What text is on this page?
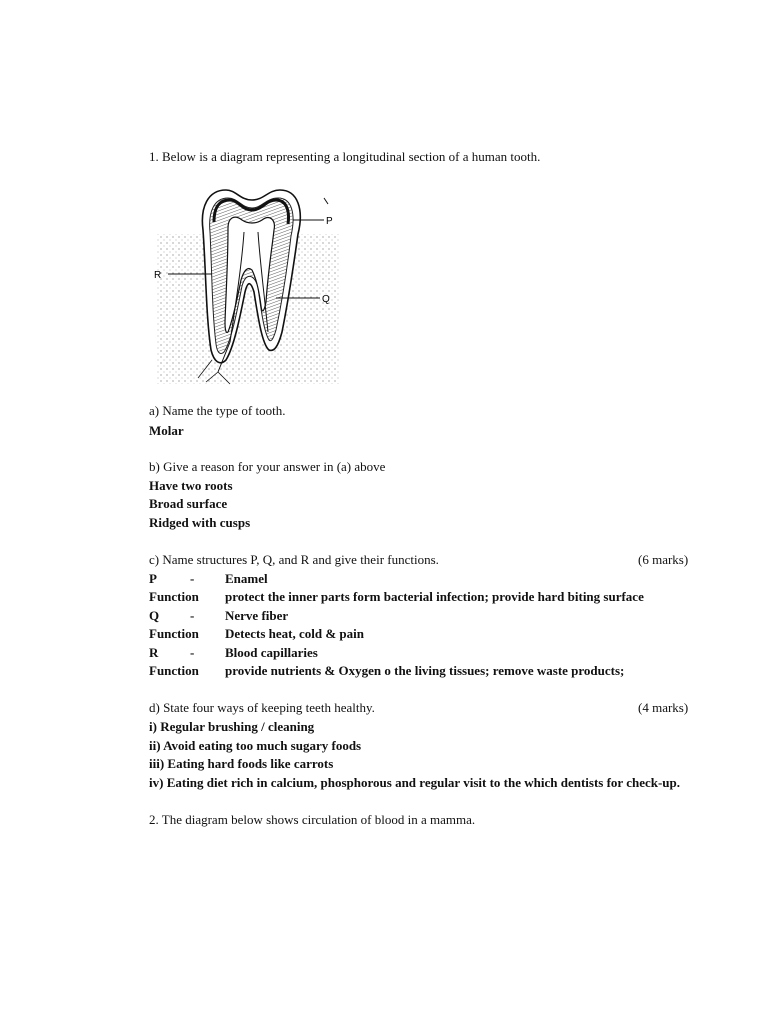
1. Below is a diagram representing a longitudinal section of a human tooth.
P
R
Q
a) Name the type of tooth.
Molar
b) Give a reason for your answer in (a) above
Have two roots
Broad surface
Ridged with cusps
c) Name structures P, Q, and R and give their functions.	(6 marks)
P	- Enamel
Function protect the inner parts form bacterial infection; provide hard biting surface
Q - Nerve fiber
Function Detects heat, cold & pain
R - Blood capillaries
Function provide nutrients & Oxygen o the living tissues; remove waste products;
d) State four ways of keeping teeth healthy.	(4 marks)
i) Regular brushing / cleaning
ii) Avoid eating too much sugary foods
iii) Eating hard foods like carrots
iv) Eating diet rich in calcium, phosphorous and regular visit to the which dentists for check-up.
2. The diagram below shows circulation of blood in a mamma.
